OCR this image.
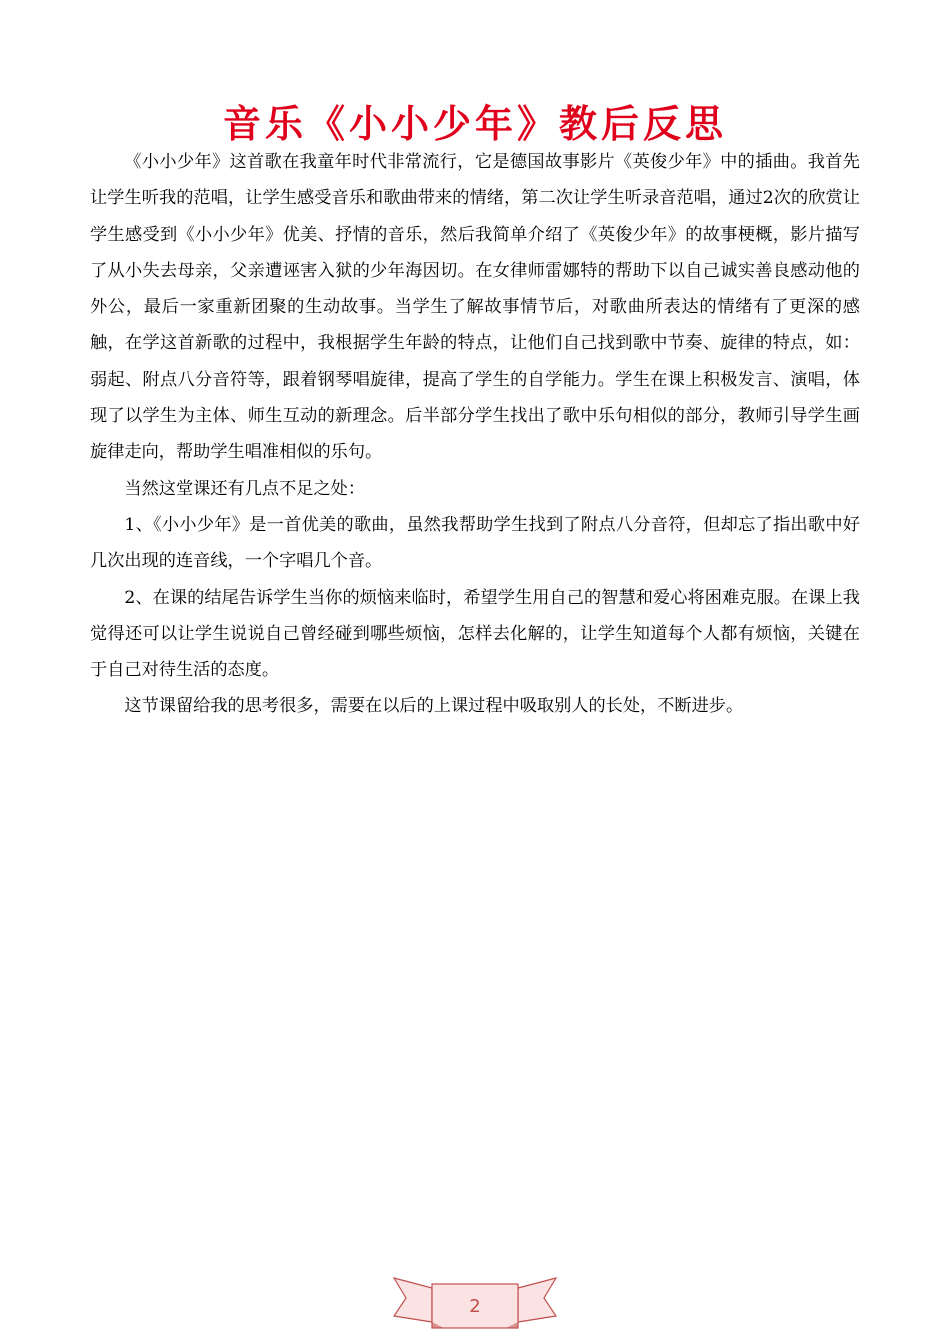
音乐《小小少年》教后反思

《小小少年》这首歌在我童年时代非常流行，它是德国故事影片《英俊少年》中的插曲。我首先让学生听我的范唱，让学生感受音乐和歌曲带来的情绪，第二次让学生听录音范唱，通过2次的欣赏让学生感受到《小小少年》优美、抒情的音乐，然后我简单介绍了《英俊少年》的故事梗概，影片描写了从小失去母亲，父亲遭诬害入狱的少年海因切。在女律师雷娜特的帮助下以自己诚实善良感动他的外公，最后一家重新团聚的生动故事。当学生了解故事情节后，对歌曲所表达的情绪有了更深的感触，在学这首新歌的过程中，我根据学生年龄的特点，让他们自己找到歌中节奏、旋律的特点，如：弱起、附点八分音符等，跟着钢琴唱旋律，提高了学生的自学能力。学生在课上积极发言、演唱，体现了以学生为主体、师生互动的新理念。后半部分学生找出了歌中乐句相似的部分，教师引导学生画旋律走向，帮助学生唱准相似的乐句。

当然这堂课还有几点不足之处：

1、《小小少年》是一首优美的歌曲，虽然我帮助学生找到了附点八分音符，但却忘了指出歌中好几次出现的连音线，一个字唱几个音。

2、在课的结尾告诉学生当你的烦恼来临时，希望学生用自己的智慧和爱心将困难克服。在课上我觉得还可以让学生说说自己曾经碰到哪些烦恼，怎样去化解的，让学生知道每个人都有烦恼，关键在于自己对待生活的态度。

这节课留给我的思考很多，需要在以后的上课过程中吸取别人的长处，不断进步。

2
